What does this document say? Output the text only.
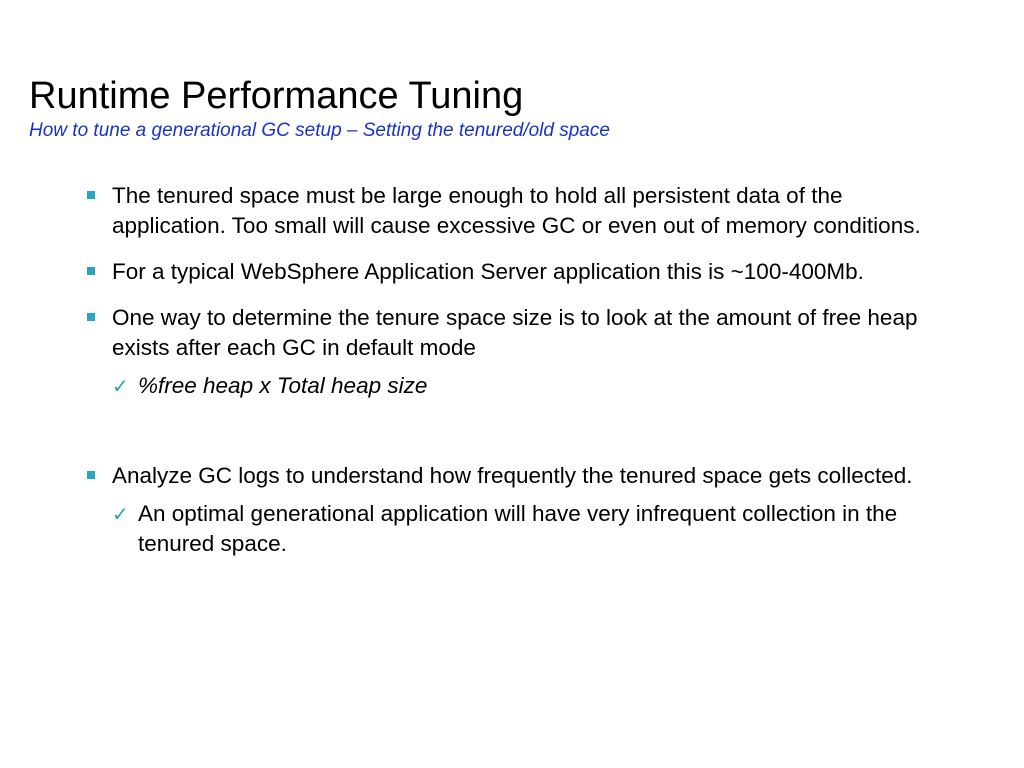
Runtime Performance Tuning
How to tune a generational GC setup – Setting the tenured/old space
The tenured space must be large enough to hold all persistent data of the application. Too small will cause excessive GC or even out of memory conditions.
For a typical WebSphere Application Server application this is ~100-400Mb.
One way to determine the tenure space size is to look at the amount of free heap exists after each GC in default mode
✓ %free heap x Total heap size
Analyze GC logs to understand how frequently the tenured space gets collected.
✓ An optimal generational application will have very infrequent collection in the tenured space.
